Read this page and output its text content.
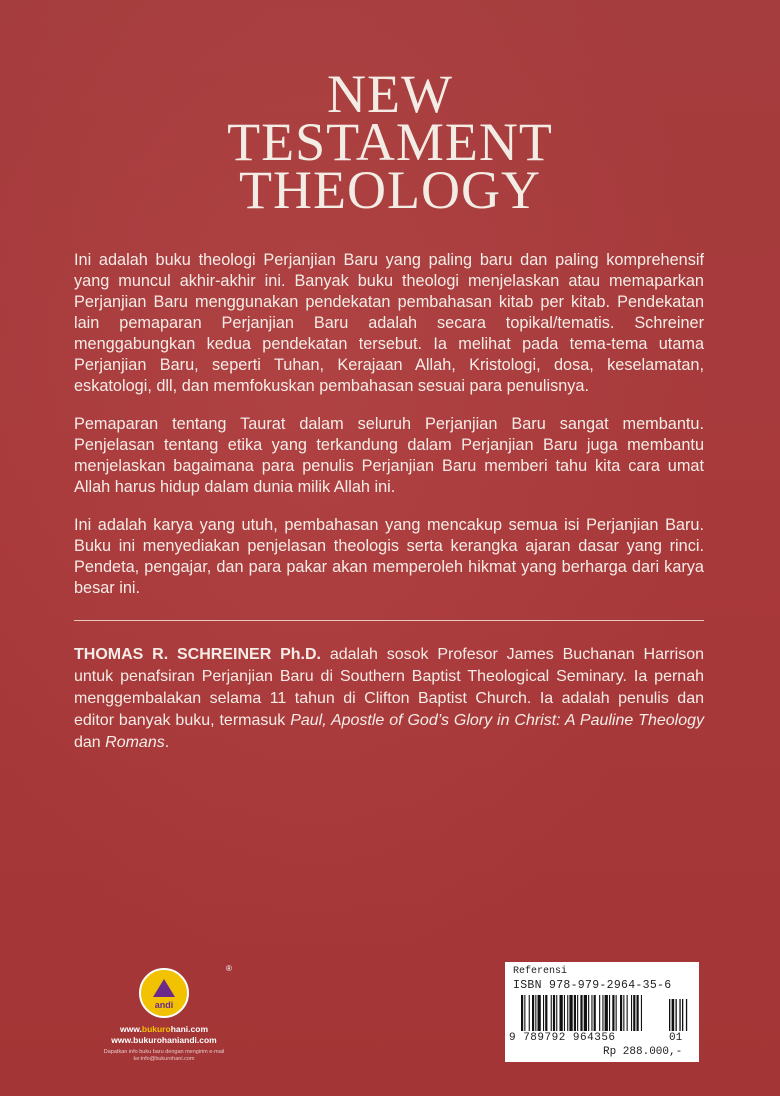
NEW
TESTAMENT
THEOLOGY

Ini adalah buku theologi Perjanjian Baru yang paling baru dan paling komprehensif yang muncul akhir-akhir ini. Banyak buku theologi menjelaskan atau memaparkan Perjanjian Baru menggunakan pendekatan pembahasan kitab per kitab. Pendekatan lain pemaparan Perjanjian Baru adalah secara topikal/tematis. Schreiner menggabungkan kedua pendekatan tersebut. Ia melihat pada tema-tema utama Perjanjian Baru, seperti Tuhan, Kerajaan Allah, Kristologi, dosa, keselamatan, eskatologi, dll, dan memfokuskan pembahasan sesuai para penulisnya.

Pemaparan tentang Taurat dalam seluruh Perjanjian Baru sangat membantu. Penjelasan tentang etika yang terkandung dalam Perjanjian Baru juga membantu menjelaskan bagaimana para penulis Perjanjian Baru memberi tahu kita cara umat Allah harus hidup dalam dunia milik Allah ini.

Ini adalah karya yang utuh, pembahasan yang mencakup semua isi Perjanjian Baru. Buku ini menyediakan penjelasan theologis serta kerangka ajaran dasar yang rinci. Pendeta, pengajar, dan para pakar akan memperoleh hikmat yang berharga dari karya besar ini.

THOMAS R. SCHREINER Ph.D. adalah sosok Profesor James Buchanan Harrison untuk penafsiran Perjanjian Baru di Southern Baptist Theological Seminary. Ia pernah menggembalakan selama 11 tahun di Clifton Baptist Church. Ia adalah penulis dan editor banyak buku, termasuk Paul, Apostle of God’s Glory in Christ: A Pauline Theology dan Romans.
andi
®
www.bukurohani.com
www.bukurohaniandi.com
Dapatkan info buku baru dengan mengirim e-mail ke:info@bukurohani.com
Referensi
ISBN 978-979-2964-35-6
9 789792 964356	01
Rp 288.000,-
